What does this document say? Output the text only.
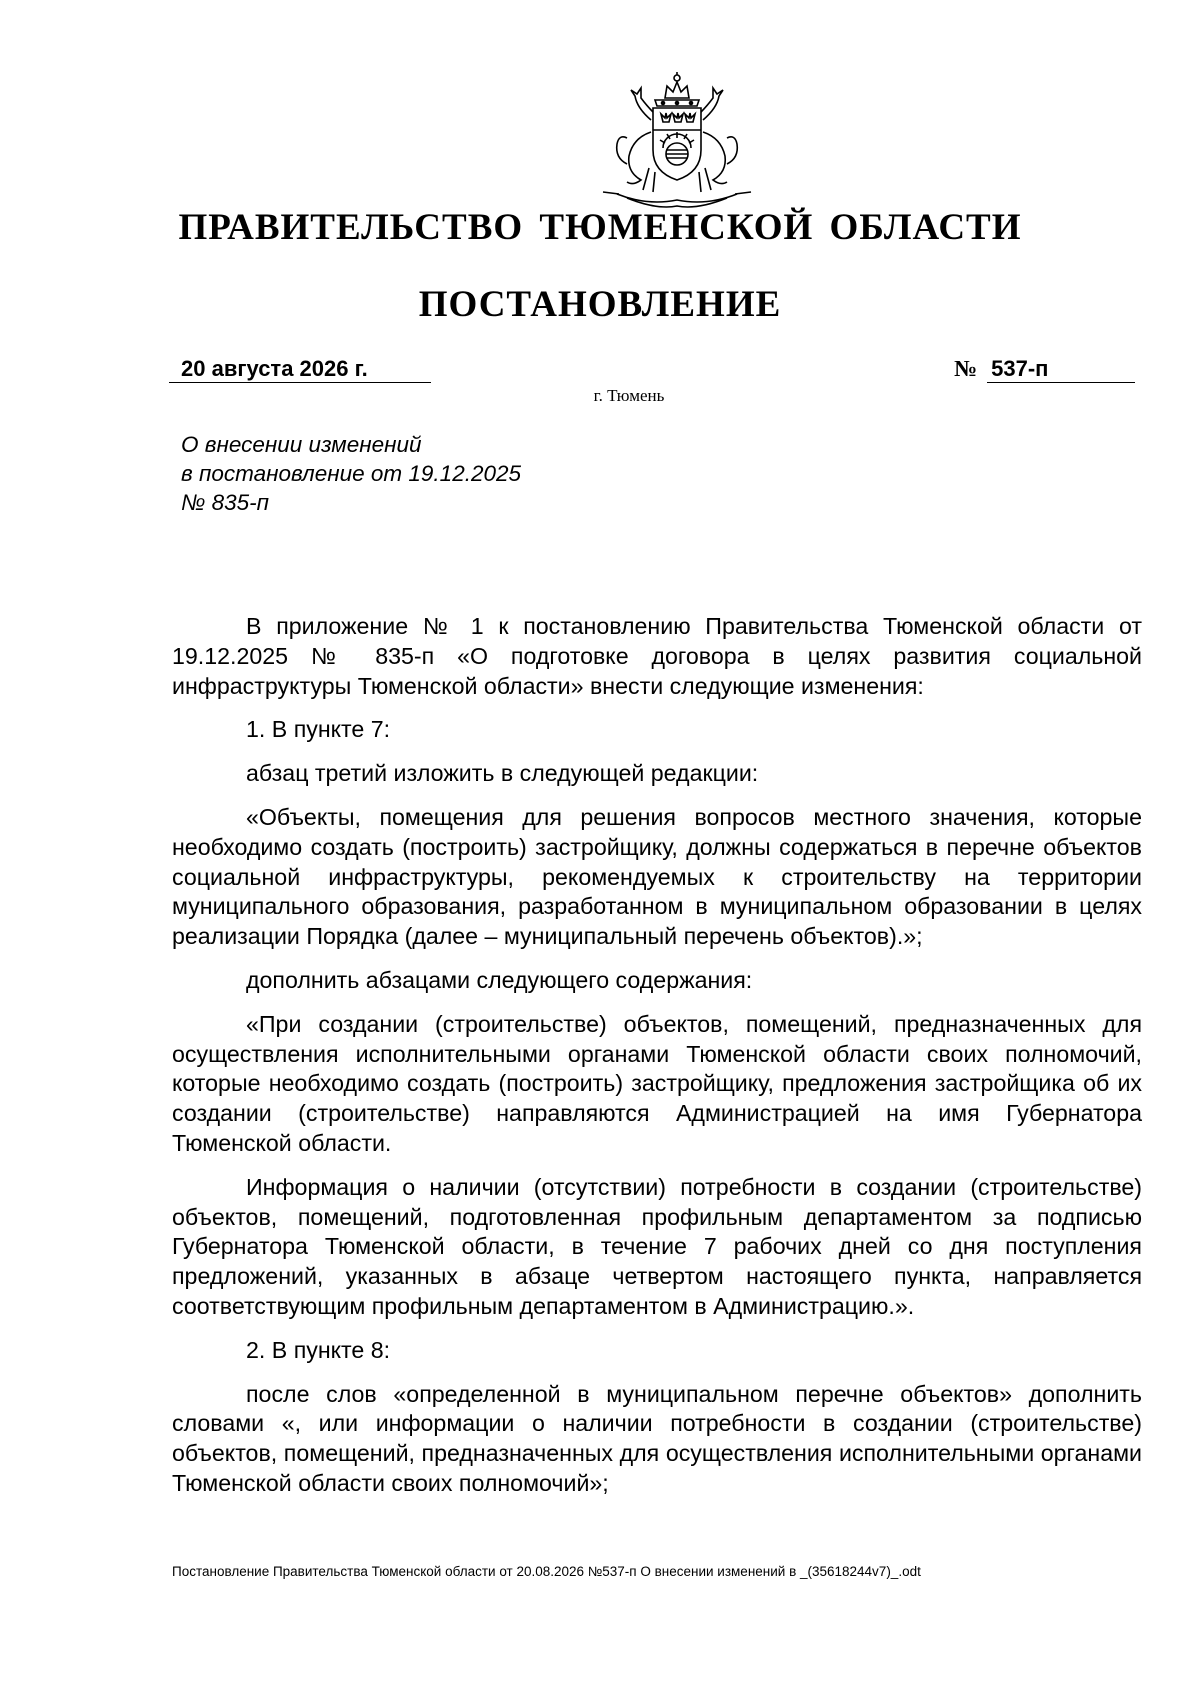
ПРАВИТЕЛЬСТВО ТЮМЕНСКОЙ ОБЛАСТИ
ПОСТАНОВЛЕНИЕ
20 августа 2026 г.	№ 537-п
г. Тюмень
О внесении изменений
в постановление от 19.12.2025
№ 835-п

В приложение № 1 к постановлению Правительства Тюменской области от 19.12.2025 № 835-п «О подготовке договора в целях развития социальной инфраструктуры Тюменской области» внести следующие изменения:

1. В пункте 7:

абзац третий изложить в следующей редакции:

«Объекты, помещения для решения вопросов местного значения, которые необходимо создать (построить) застройщику, должны содержаться в перечне объектов социальной инфраструктуры, рекомендуемых к строительству на территории муниципального образования, разработанном в муниципальном образовании в целях реализации Порядка (далее – муниципальный перечень объектов).»;

дополнить абзацами следующего содержания:

«При создании (строительстве) объектов, помещений, предназначенных для осуществления исполнительными органами Тюменской области своих полномочий, которые необходимо создать (построить) застройщику, предложения застройщика об их создании (строительстве) направляются Администрацией на имя Губернатора Тюменской области.

Информация о наличии (отсутствии) потребности в создании (строительстве) объектов, помещений, подготовленная профильным департаментом за подписью Губернатора Тюменской области, в течение 7 рабочих дней со дня поступления предложений, указанных в абзаце четвертом настоящего пункта, направляется соответствующим профильным департаментом в Администрацию.».

2. В пункте 8:

после слов «определенной в муниципальном перечне объектов» дополнить словами «, или информации о наличии потребности в создании (строительстве) объектов, помещений, предназначенных для осуществления исполнительными органами Тюменской области своих полномочий»;

Постановление Правительства Тюменской области от 20.08.2026 №537-п О внесении изменений в _(35618244v7)_.odt
